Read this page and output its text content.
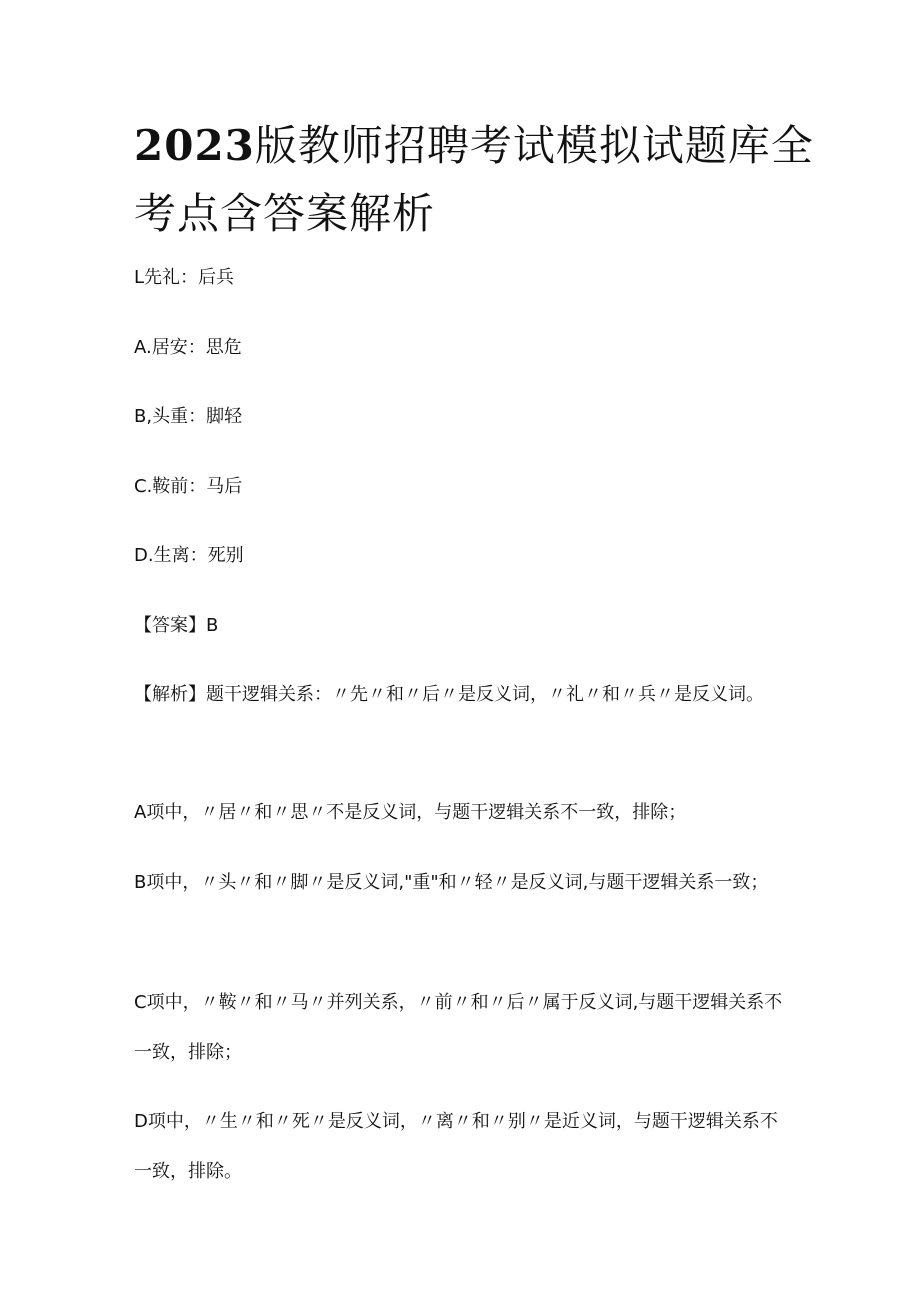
2023版教师招聘考试模拟试题库全考点含答案解析
L先礼：后兵
A.居安：思危
B,头重：脚轻
C.鞍前：马后
D.生离：死别
【答案】B

【解析】题干逻辑关系：〃先〃和〃后〃是反义词，〃礼〃和〃兵〃是反义词。

A项中，〃居〃和〃思〃不是反义词，与题干逻辑关系不一致，排除；

B项中，〃头〃和〃脚〃是反义词,"重"和〃轻〃是反义词,与题干逻辑关系一致；

C项中，〃鞍〃和〃马〃并列关系，〃前〃和〃后〃属于反义词,与题干逻辑关系不一致，排除；

D项中，〃生〃和〃死〃是反义词，〃离〃和〃别〃是近义词，与题干逻辑关系不一致，排除。
